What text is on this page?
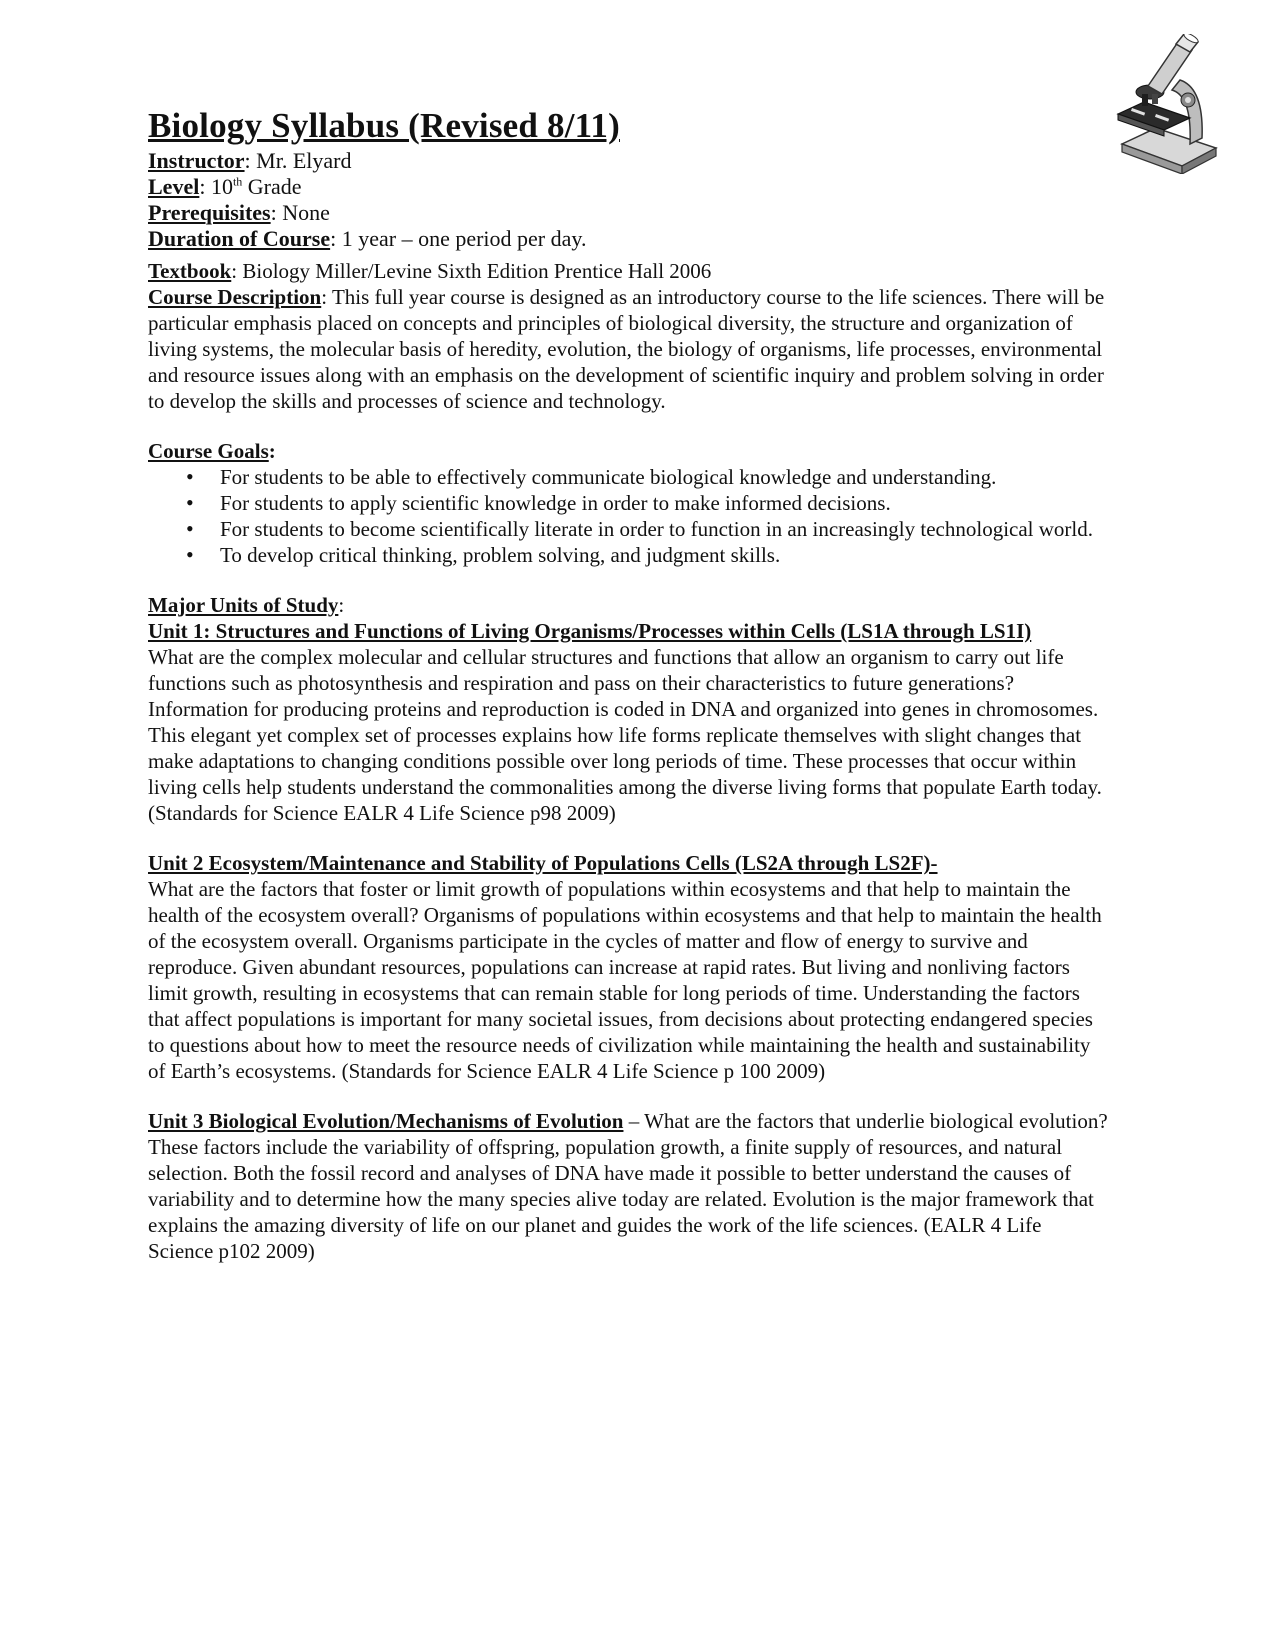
Biology Syllabus (Revised 8/11)
Instructor: Mr. Elyard
Level: 10th Grade
Prerequisites: None
Duration of Course: 1 year – one period per day.
Textbook: Biology Miller/Levine Sixth Edition Prentice Hall 2006

Course Description: This full year course is designed as an introductory course to the life sciences. There will be particular emphasis placed on concepts and principles of biological diversity, the structure and organization of living systems, the molecular basis of heredity, evolution, the biology of organisms, life processes, environmental and resource issues along with an emphasis on the development of scientific inquiry and problem solving in order to develop the skills and processes of science and technology.

Course Goals:
• For students to be able to effectively communicate biological knowledge and understanding.
• For students to apply scientific knowledge in order to make informed decisions.
• For students to become scientifically literate in order to function in an increasingly technological world.
• To develop critical thinking, problem solving, and judgment skills.
Major Units of Study:
Unit 1: Structures and Functions of Living Organisms/Processes within Cells (LS1A through LS1I)

What are the complex molecular and cellular structures and functions that allow an organism to carry out life functions such as photosynthesis and respiration and pass on their characteristics to future generations? Information for producing proteins and reproduction is coded in DNA and organized into genes in chromosomes. This elegant yet complex set of processes explains how life forms replicate themselves with slight changes that make adaptations to changing conditions possible over long periods of time. These processes that occur within living cells help students understand the commonalities among the diverse living forms that populate Earth today. (Standards for Science EALR 4 Life Science p98 2009)

Unit 2 Ecosystem/Maintenance and Stability of Populations Cells (LS2A through LS2F)-

What are the factors that foster or limit growth of populations within ecosystems and that help to maintain the health of the ecosystem overall? Organisms of populations within ecosystems and that help to maintain the health of the ecosystem overall. Organisms participate in the cycles of matter and flow of energy to survive and reproduce. Given abundant resources, populations can increase at rapid rates. But living and nonliving factors limit growth, resulting in ecosystems that can remain stable for long periods of time. Understanding the factors that affect populations is important for many societal issues, from decisions about protecting endangered species to questions about how to meet the resource needs of civilization while maintaining the health and sustainability of Earth’s ecosystems. (Standards for Science EALR 4 Life Science p 100 2009)

Unit 3 Biological Evolution/Mechanisms of Evolution – What are the factors that underlie biological evolution? These factors include the variability of offspring, population growth, a finite supply of resources, and natural selection. Both the fossil record and analyses of DNA have made it possible to better understand the causes of variability and to determine how the many species alive today are related. Evolution is the major framework that explains the amazing diversity of life on our planet and guides the work of the life sciences. (EALR 4 Life Science p102 2009)
